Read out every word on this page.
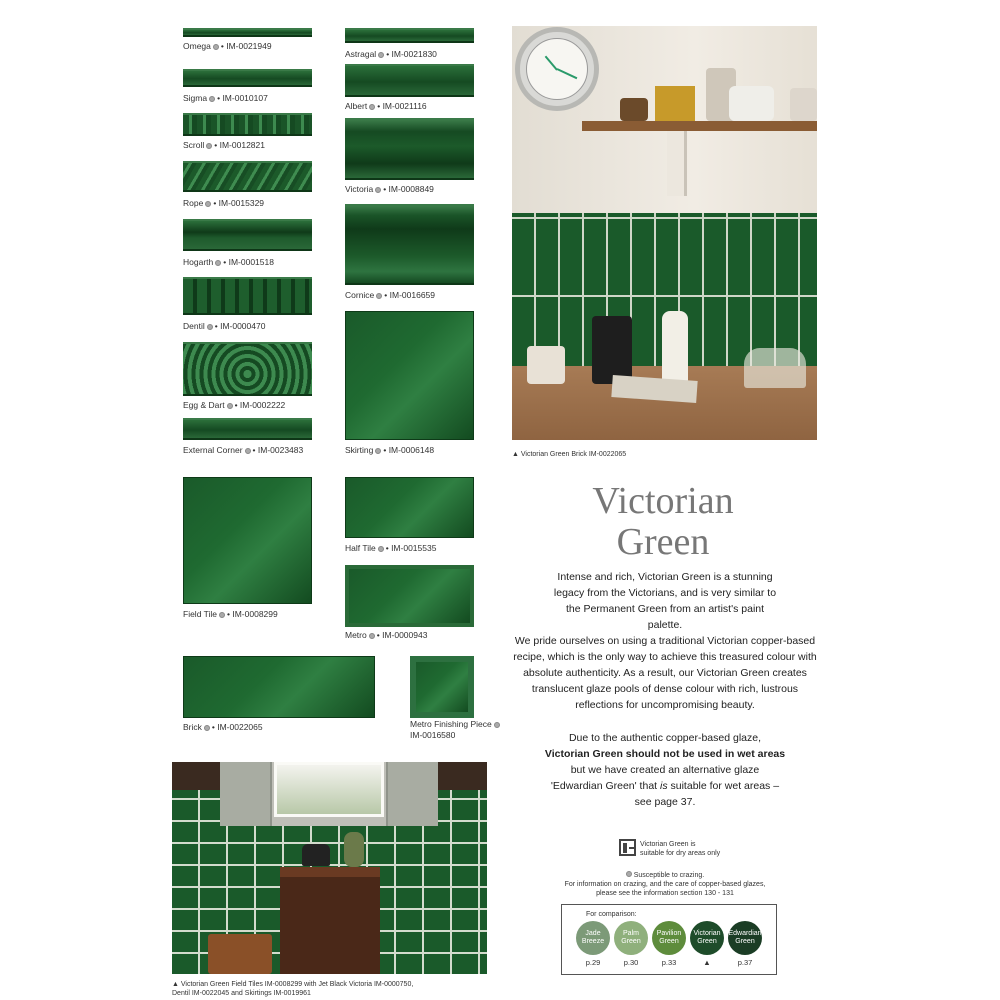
Omega • IM-0021949
Sigma • IM-0010107
Scroll • IM-0012821
Rope • IM-0015329
Hogarth • IM-0001518
Dentil • IM-0000470
Egg & Dart • IM-0002222
External Corner • IM-0023483
Astragal • IM-0021830
Albert • IM-0021116
Victoria • IM-0008849
Cornice • IM-0016659
Skirting • IM-0006148
Field Tile • IM-0008299
Half Tile • IM-0015535
Metro • IM-0000943
Brick • IM-0022065	Metro Finishing Piece
IM-0016580
▲ Victorian Green Brick IM-0022065
▲ Victorian Green Field Tiles IM-0008299 with Jet Black Victoria IM-0000750,
Dentil IM-0022045 and Skirtings IM-0019961
Victorian
Green
Intense and rich, Victorian Green is a stunning legacy from the Victorians, and is very similar to the Permanent Green from an artist's paint palette.
We pride ourselves on using a traditional Victorian copper-based recipe, which is the only way to achieve this treasured colour with absolute authenticity. As a result, our Victorian Green creates translucent glaze pools of dense colour with rich, lustrous reflections for uncompromising beauty.
Due to the authentic copper-based glaze,
Victorian Green should not be used in wet areas
but we have created an alternative glaze
'Edwardian Green' that is suitable for wet areas –
see page 37.
Victorian Green is
suitable for dry areas only
Susceptible to crazing.
For information on crazing, and the care of copper-based glazes,
please see the information section 130 - 131
For comparison:
Jade Breeze
Palm Green
Pavilion Green
Victorian Green
Edwardian Green
p.29	p.30	p.33	▲	p.37
